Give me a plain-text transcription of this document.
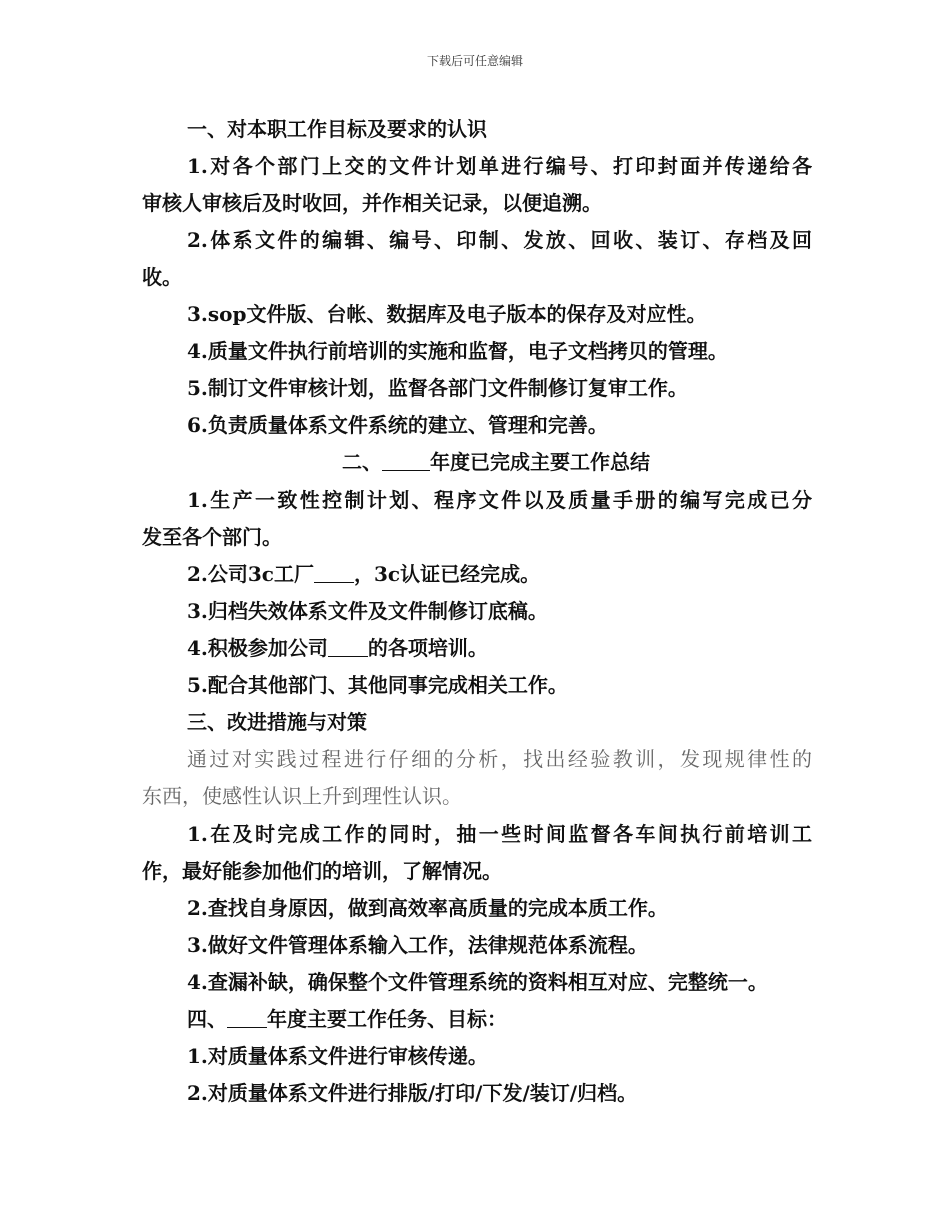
下载后可任意编辑
一、对本职工作目标及要求的认识
1.对各个部门上交的文件计划单进行编号、打印封面并传递给各
审核人审核后及时收回，并作相关记录，以便追溯。
2.体系文件的编辑、编号、印制、发放、回收、装订、存档及回
收。
3.sop文件版、台帐、数据库及电子版本的保存及对应性。
4.质量文件执行前培训的实施和监督，电子文档拷贝的管理。
5.制订文件审核计划，监督各部门文件制修订复审工作。
6.负责质量体系文件系统的建立、管理和完善。
二、 年度已完成主要工作总结
1.生产一致性控制计划、程序文件以及质量手册的编写完成已分
发至各个部门。
2.公司3c工厂 ，3c认证已经完成。
3.归档失效体系文件及文件制修订底稿。
4.积极参加公司 的各项培训。
5.配合其他部门、其他同事完成相关工作。
三、改进措施与对策
通过对实践过程进行仔细的分析，找出经验教训，发现规律性的
东西，使感性认识上升到理性认识。
1.在及时完成工作的同时，抽一些时间监督各车间执行前培训工
作，最好能参加他们的培训，了解情况。
2.查找自身原因，做到高效率高质量的完成本质工作。
3.做好文件管理体系输入工作，法律规范体系流程。
4.查漏补缺，确保整个文件管理系统的资料相互对应、完整统一。
四、 年度主要工作任务、目标：
1.对质量体系文件进行审核传递。
2.对质量体系文件进行排版/打印/下发/装订/归档。
